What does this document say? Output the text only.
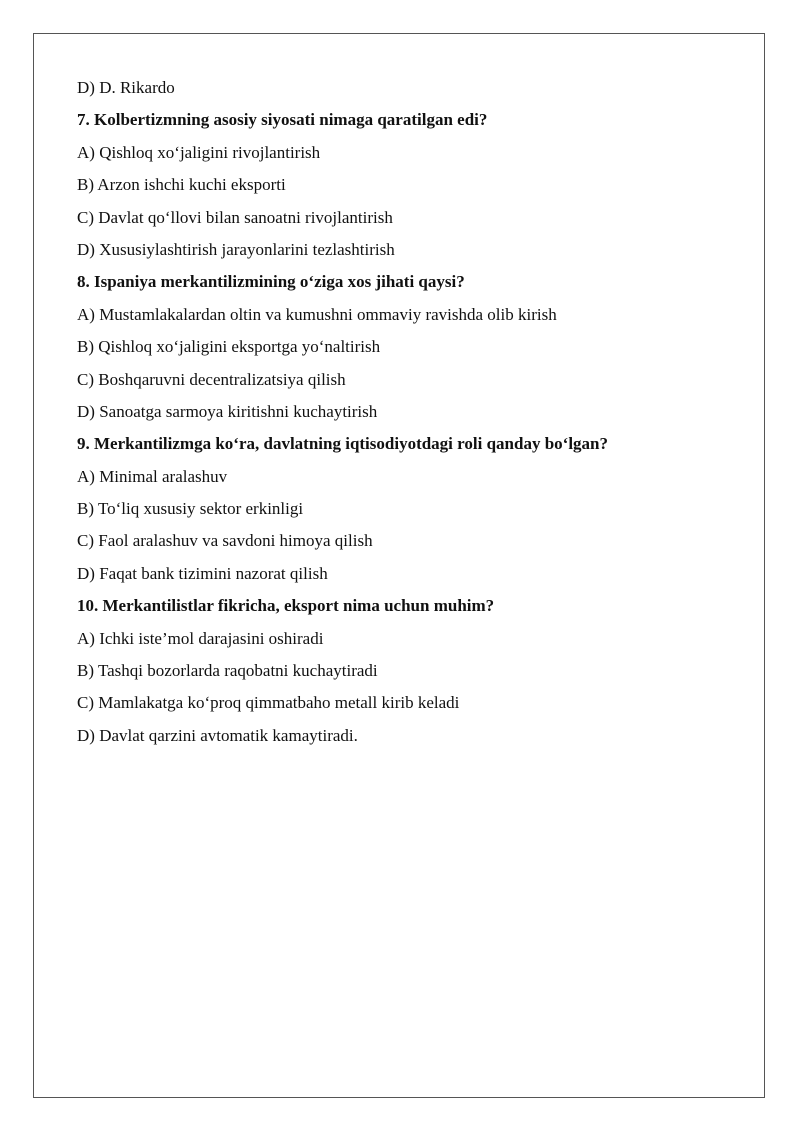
D) D. Rikardo
7. Kolbertizmning asosiy siyosati nimaga qaratilgan edi?
A) Qishloq xo‘jaligini rivojlantirish
B) Arzon ishchi kuchi eksporti
C) Davlat qo‘llovi bilan sanoatni rivojlantirish
D) Xususiylashtirish jarayonlarini tezlashtirish
8. Ispaniya merkantilizmining o‘ziga xos jihati qaysi?
A) Mustamlakalardan oltin va kumushni ommaviy ravishda olib kirish
B) Qishloq xo‘jaligini eksportga yo‘naltirish
C) Boshqaruvni decentralizatsiya qilish
D) Sanoatga sarmoya kiritishni kuchaytirish
9. Merkantilizmga ko‘ra, davlatning iqtisodiyotdagi roli qanday bo‘lgan?
A) Minimal aralashuv
B) To‘liq xususiy sektor erkinligi
C) Faol aralashuv va savdoni himoya qilish
D) Faqat bank tizimini nazorat qilish
10. Merkantilistlar fikricha, eksport nima uchun muhim?
A) Ichki iste’mol darajasini oshiradi
B) Tashqi bozorlarda raqobatni kuchaytiradi
C) Mamlakatga ko‘proq qimmatbaho metall kirib keladi
D) Davlat qarzini avtomatik kamaytiradi.
